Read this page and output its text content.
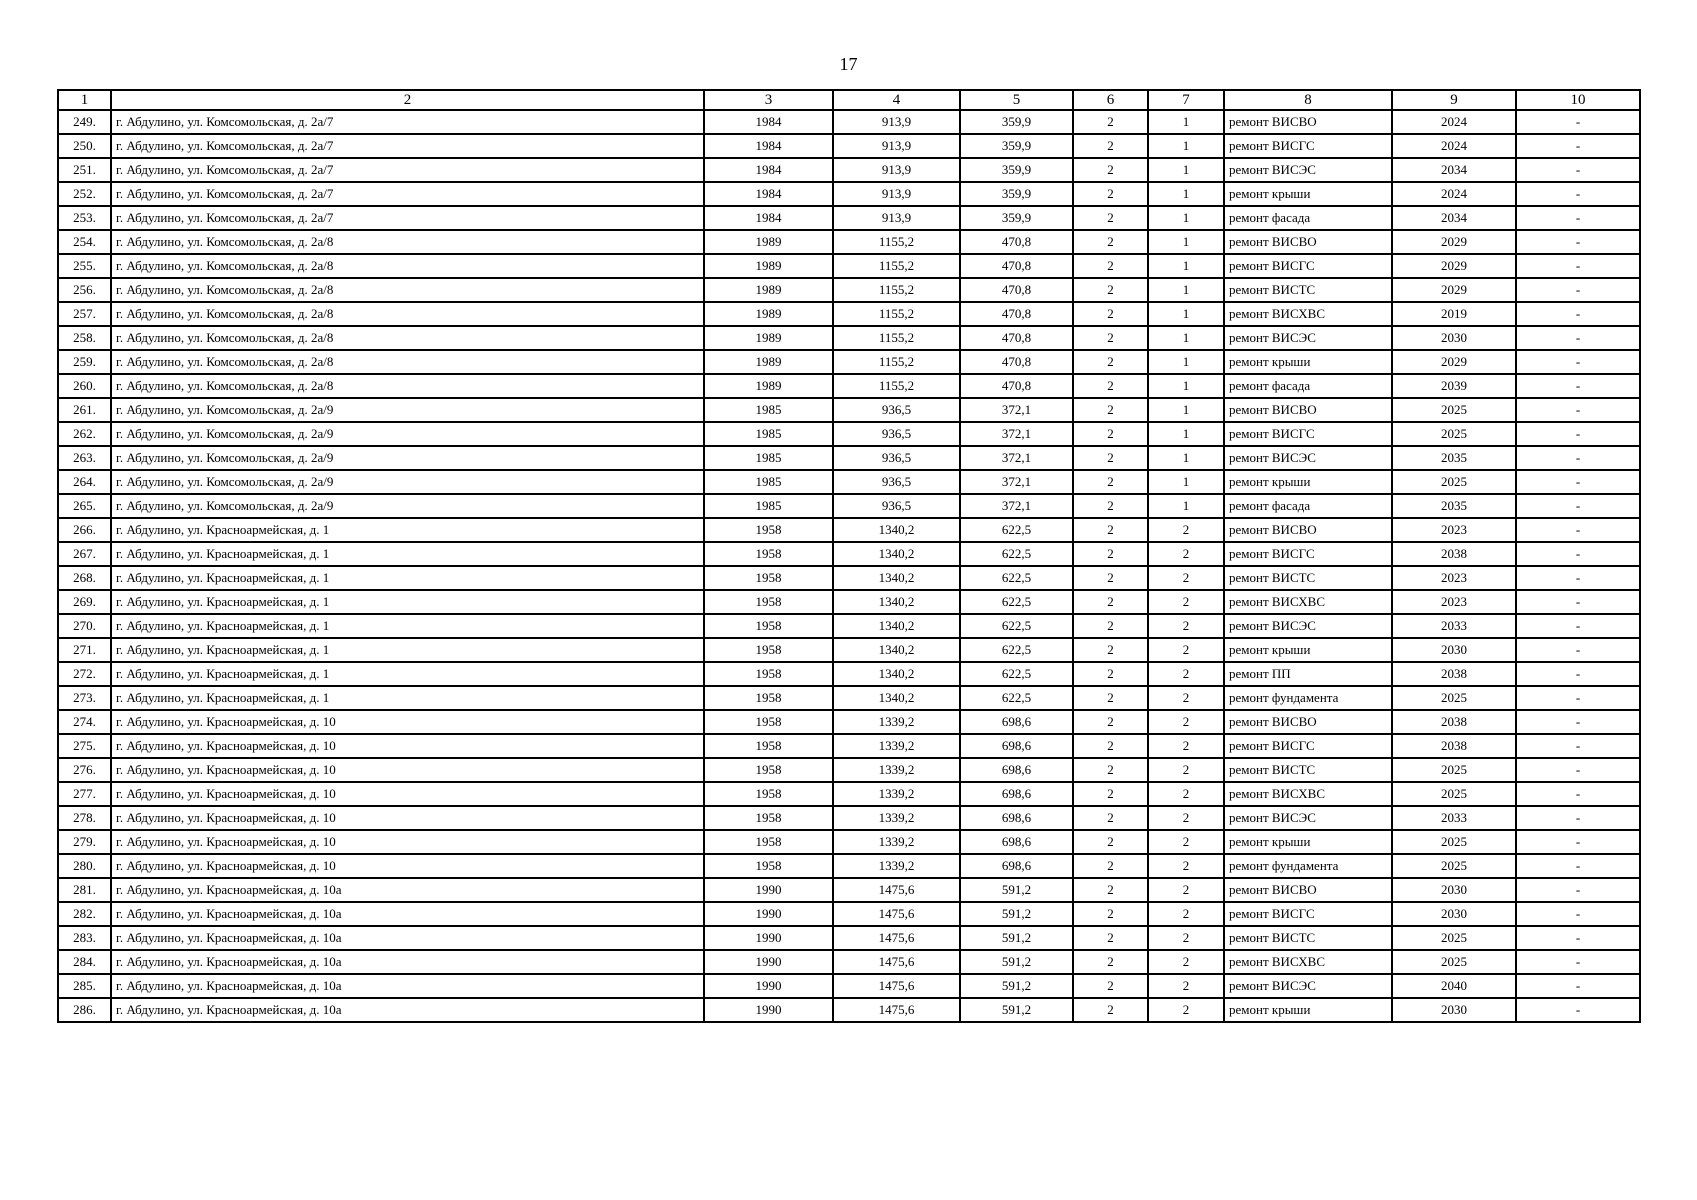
17
1	2	3	4	5	6	7	8	9	10
249.	г. Абдулино, ул. Комсомольская, д. 2а/7	1984	913,9	359,9	2	1	ремонт ВИСВО	2024	-
250.	г. Абдулино, ул. Комсомольская, д. 2а/7	1984	913,9	359,9	2	1	ремонт ВИСГС	2024	-
251.	г. Абдулино, ул. Комсомольская, д. 2а/7	1984	913,9	359,9	2	1	ремонт ВИСЭС	2034	-
252.	г. Абдулино, ул. Комсомольская, д. 2а/7	1984	913,9	359,9	2	1	ремонт крыши	2024	-
253.	г. Абдулино, ул. Комсомольская, д. 2а/7	1984	913,9	359,9	2	1	ремонт фасада	2034	-
254.	г. Абдулино, ул. Комсомольская, д. 2а/8	1989	1155,2	470,8	2	1	ремонт ВИСВО	2029	-
255.	г. Абдулино, ул. Комсомольская, д. 2а/8	1989	1155,2	470,8	2	1	ремонт ВИСГС	2029	-
256.	г. Абдулино, ул. Комсомольская, д. 2а/8	1989	1155,2	470,8	2	1	ремонт ВИСТС	2029	-
257.	г. Абдулино, ул. Комсомольская, д. 2а/8	1989	1155,2	470,8	2	1	ремонт ВИСХВС	2019	-
258.	г. Абдулино, ул. Комсомольская, д. 2а/8	1989	1155,2	470,8	2	1	ремонт ВИСЭС	2030	-
259.	г. Абдулино, ул. Комсомольская, д. 2а/8	1989	1155,2	470,8	2	1	ремонт крыши	2029	-
260.	г. Абдулино, ул. Комсомольская, д. 2а/8	1989	1155,2	470,8	2	1	ремонт фасада	2039	-
261.	г. Абдулино, ул. Комсомольская, д. 2а/9	1985	936,5	372,1	2	1	ремонт ВИСВО	2025	-
262.	г. Абдулино, ул. Комсомольская, д. 2а/9	1985	936,5	372,1	2	1	ремонт ВИСГС	2025	-
263.	г. Абдулино, ул. Комсомольская, д. 2а/9	1985	936,5	372,1	2	1	ремонт ВИСЭС	2035	-
264.	г. Абдулино, ул. Комсомольская, д. 2а/9	1985	936,5	372,1	2	1	ремонт крыши	2025	-
265.	г. Абдулино, ул. Комсомольская, д. 2а/9	1985	936,5	372,1	2	1	ремонт фасада	2035	-
266.	г. Абдулино, ул. Красноармейская, д. 1	1958	1340,2	622,5	2	2	ремонт ВИСВО	2023	-
267.	г. Абдулино, ул. Красноармейская, д. 1	1958	1340,2	622,5	2	2	ремонт ВИСГС	2038	-
268.	г. Абдулино, ул. Красноармейская, д. 1	1958	1340,2	622,5	2	2	ремонт ВИСТС	2023	-
269.	г. Абдулино, ул. Красноармейская, д. 1	1958	1340,2	622,5	2	2	ремонт ВИСХВС	2023	-
270.	г. Абдулино, ул. Красноармейская, д. 1	1958	1340,2	622,5	2	2	ремонт ВИСЭС	2033	-
271.	г. Абдулино, ул. Красноармейская, д. 1	1958	1340,2	622,5	2	2	ремонт крыши	2030	-
272.	г. Абдулино, ул. Красноармейская, д. 1	1958	1340,2	622,5	2	2	ремонт ПП	2038	-
273.	г. Абдулино, ул. Красноармейская, д. 1	1958	1340,2	622,5	2	2	ремонт фундамента	2025	-
274.	г. Абдулино, ул. Красноармейская, д. 10	1958	1339,2	698,6	2	2	ремонт ВИСВО	2038	-
275.	г. Абдулино, ул. Красноармейская, д. 10	1958	1339,2	698,6	2	2	ремонт ВИСГС	2038	-
276.	г. Абдулино, ул. Красноармейская, д. 10	1958	1339,2	698,6	2	2	ремонт ВИСТС	2025	-
277.	г. Абдулино, ул. Красноармейская, д. 10	1958	1339,2	698,6	2	2	ремонт ВИСХВС	2025	-
278.	г. Абдулино, ул. Красноармейская, д. 10	1958	1339,2	698,6	2	2	ремонт ВИСЭС	2033	-
279.	г. Абдулино, ул. Красноармейская, д. 10	1958	1339,2	698,6	2	2	ремонт крыши	2025	-
280.	г. Абдулино, ул. Красноармейская, д. 10	1958	1339,2	698,6	2	2	ремонт фундамента	2025	-
281.	г. Абдулино, ул. Красноармейская, д. 10а	1990	1475,6	591,2	2	2	ремонт ВИСВО	2030	-
282.	г. Абдулино, ул. Красноармейская, д. 10а	1990	1475,6	591,2	2	2	ремонт ВИСГС	2030	-
283.	г. Абдулино, ул. Красноармейская, д. 10а	1990	1475,6	591,2	2	2	ремонт ВИСТС	2025	-
284.	г. Абдулино, ул. Красноармейская, д. 10а	1990	1475,6	591,2	2	2	ремонт ВИСХВС	2025	-
285.	г. Абдулино, ул. Красноармейская, д. 10а	1990	1475,6	591,2	2	2	ремонт ВИСЭС	2040	-
286.	г. Абдулино, ул. Красноармейская, д. 10а	1990	1475,6	591,2	2	2	ремонт крыши	2030	-
